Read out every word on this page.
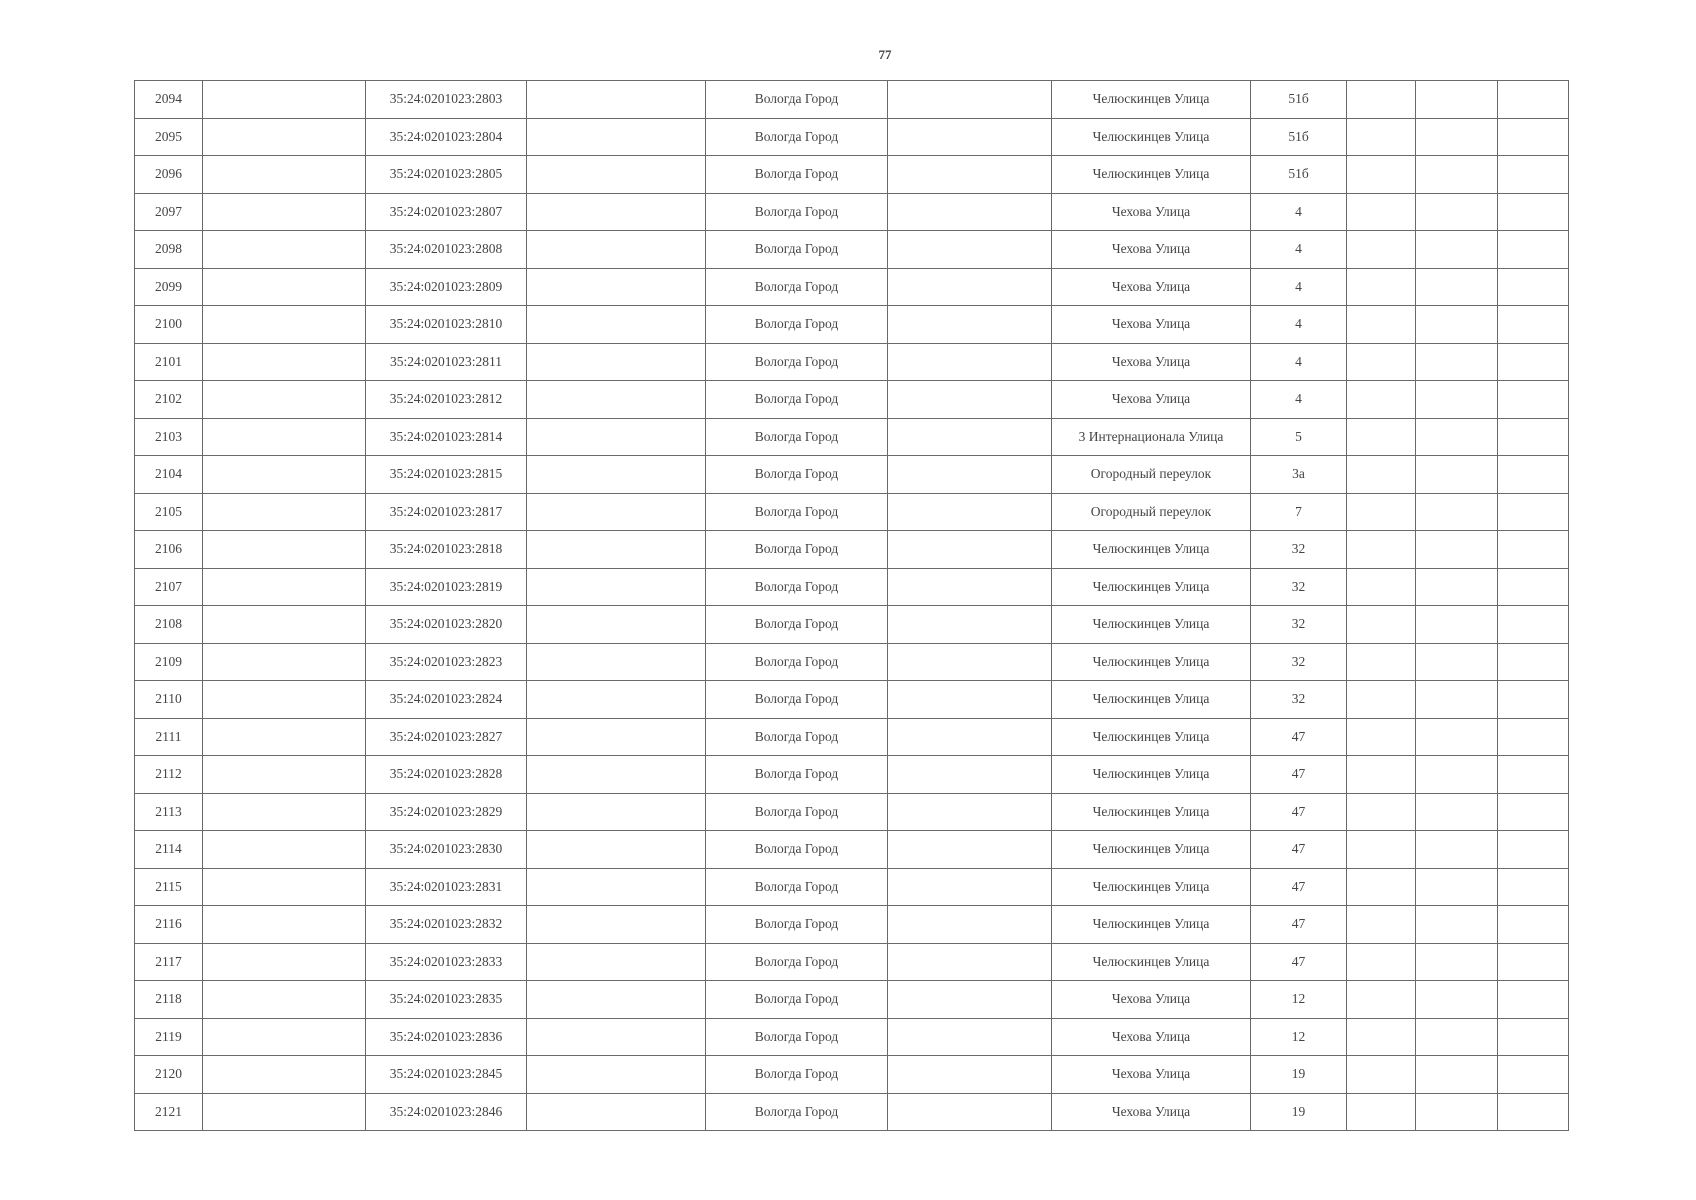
77
2094		35:24:0201023:2803		Вологда Город		Челюскинцев Улица	51б			
2095		35:24:0201023:2804		Вологда Город		Челюскинцев Улица	51б			
2096		35:24:0201023:2805		Вологда Город		Челюскинцев Улица	51б			
2097		35:24:0201023:2807		Вологда Город		Чехова Улица	4			
2098		35:24:0201023:2808		Вологда Город		Чехова Улица	4			
2099		35:24:0201023:2809		Вологда Город		Чехова Улица	4			
2100		35:24:0201023:2810		Вологда Город		Чехова Улица	4			
2101		35:24:0201023:2811		Вологда Город		Чехова Улица	4			
2102		35:24:0201023:2812		Вологда Город		Чехова Улица	4			
2103		35:24:0201023:2814		Вологда Город		3 Интернационала Улица	5			
2104		35:24:0201023:2815		Вологда Город		Огородный переулок	3а			
2105		35:24:0201023:2817		Вологда Город		Огородный переулок	7			
2106		35:24:0201023:2818		Вологда Город		Челюскинцев Улица	32			
2107		35:24:0201023:2819		Вологда Город		Челюскинцев Улица	32			
2108		35:24:0201023:2820		Вологда Город		Челюскинцев Улица	32			
2109		35:24:0201023:2823		Вологда Город		Челюскинцев Улица	32			
2110		35:24:0201023:2824		Вологда Город		Челюскинцев Улица	32			
2111		35:24:0201023:2827		Вологда Город		Челюскинцев Улица	47			
2112		35:24:0201023:2828		Вологда Город		Челюскинцев Улица	47			
2113		35:24:0201023:2829		Вологда Город		Челюскинцев Улица	47			
2114		35:24:0201023:2830		Вологда Город		Челюскинцев Улица	47			
2115		35:24:0201023:2831		Вологда Город		Челюскинцев Улица	47			
2116		35:24:0201023:2832		Вологда Город		Челюскинцев Улица	47			
2117		35:24:0201023:2833		Вологда Город		Челюскинцев Улица	47			
2118		35:24:0201023:2835		Вологда Город		Чехова Улица	12			
2119		35:24:0201023:2836		Вологда Город		Чехова Улица	12			
2120		35:24:0201023:2845		Вологда Город		Чехова Улица	19			
2121		35:24:0201023:2846		Вологда Город		Чехова Улица	19			
